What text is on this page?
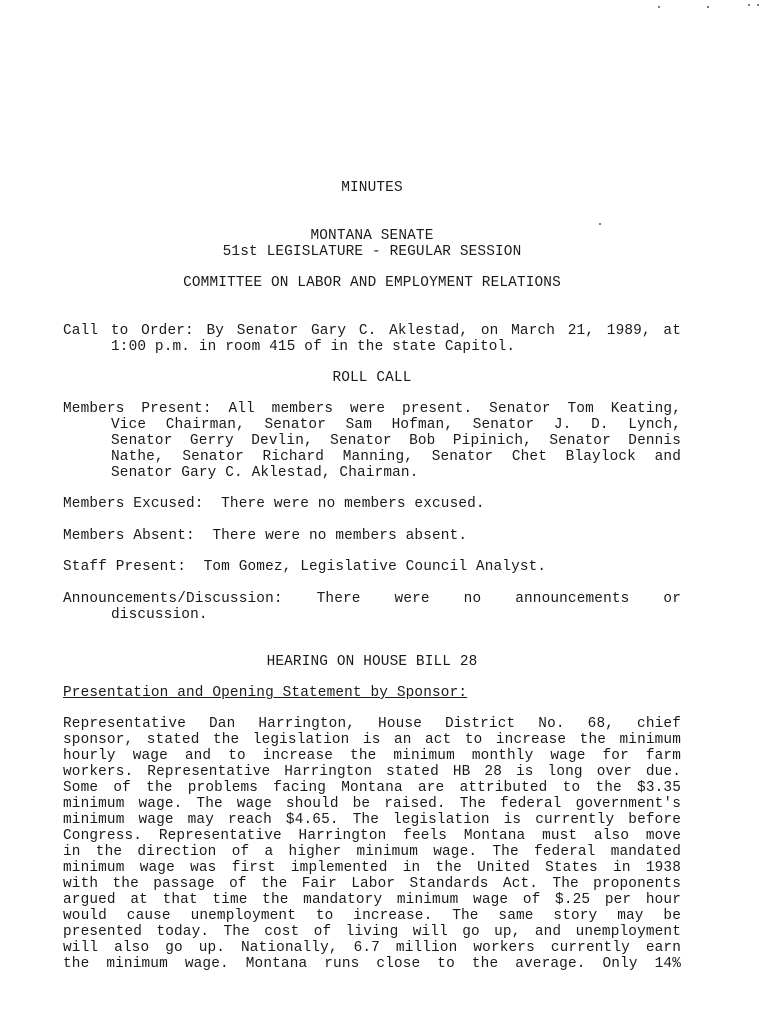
MINUTES
MONTANA SENATE
51st LEGISLATURE - REGULAR SESSION
COMMITTEE ON LABOR AND EMPLOYMENT RELATIONS
Call to Order: By Senator Gary C. Aklestad, on March 21, 1989, at
1:00 p.m. in room 415 of in the state Capitol.
ROLL CALL
Members Present: All members were present. Senator Tom Keating,
Vice Chairman, Senator Sam Hofman, Senator J. D. Lynch,
Senator Gerry Devlin, Senator Bob Pipinich, Senator Dennis
Nathe, Senator Richard Manning, Senator Chet Blaylock and
Senator Gary C. Aklestad, Chairman.
Members Excused:  There were no members excused.
Members Absent:  There were no members absent.
Staff Present:  Tom Gomez, Legislative Council Analyst.
Announcements/Discussion: There were no announcements or
discussion.
HEARING ON HOUSE BILL 28
Presentation and Opening Statement by Sponsor:
Representative Dan Harrington, House District No. 68, chief
sponsor, stated the legislation is an act to increase the minimum
hourly wage and to increase the minimum monthly wage for farm
workers. Representative Harrington stated HB 28 is long over due.
Some of the problems facing Montana are attributed to the $3.35
minimum wage. The wage should be raised. The federal government's
minimum wage may reach $4.65. The legislation is currently before
Congress. Representative Harrington feels Montana must also move
in the direction of a higher minimum wage. The federal mandated
minimum wage was first implemented in the United States in 1938
with the passage of the Fair Labor Standards Act. The proponents
argued at that time the mandatory minimum wage of $.25 per hour
would cause unemployment to increase. The same story may be
presented today. The cost of living will go up, and unemployment
will also go up. Nationally, 6.7 million workers currently earn
the minimum wage. Montana runs close to the average. Only 14%
